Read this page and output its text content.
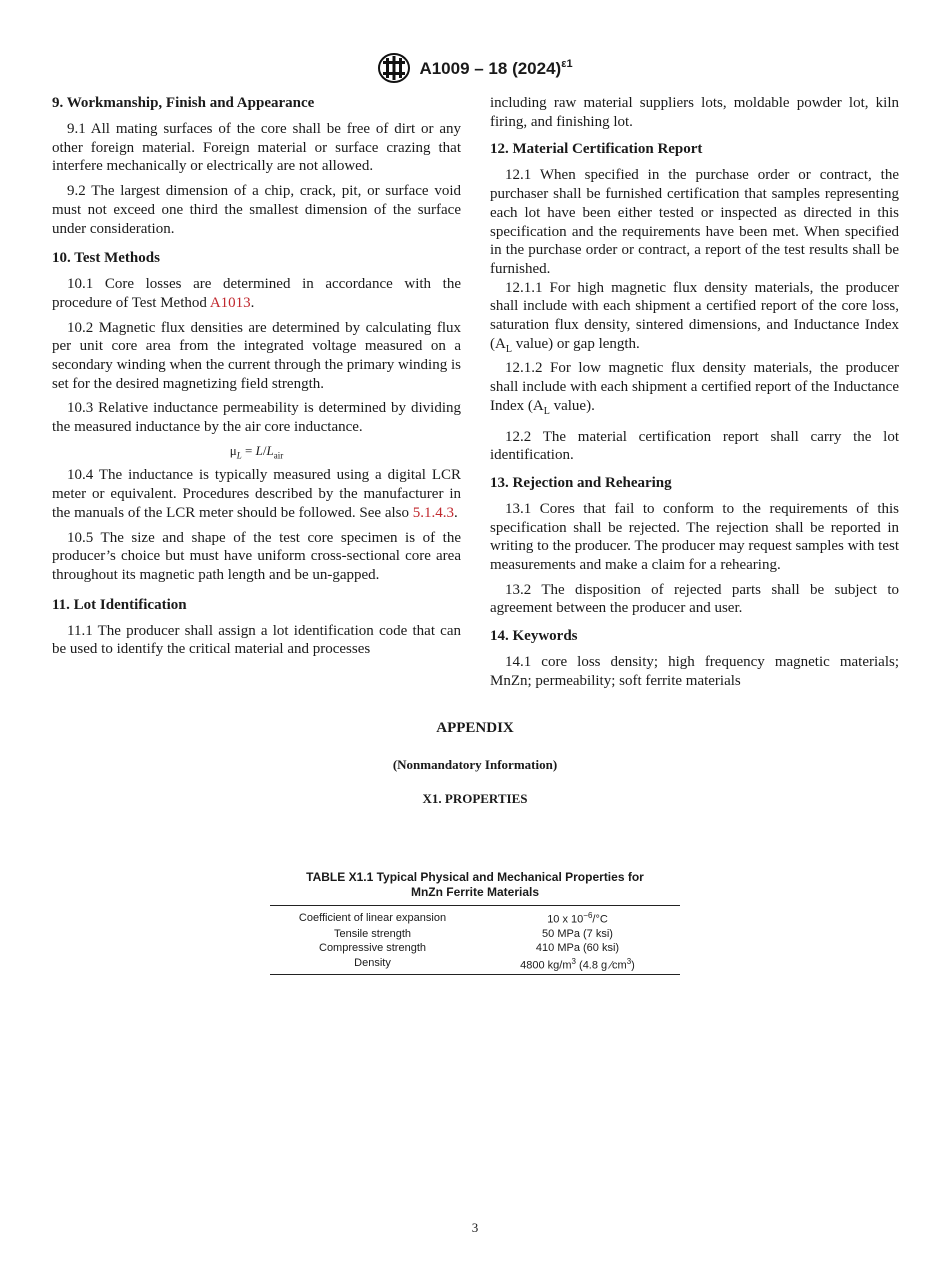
A1009 – 18 $(2024)^{\varepsilon 1}$
9. Workmanship, Finish and Appearance

9.1 All mating surfaces of the core shall be free of dirt or any other foreign material. Foreign material or surface crazing that interfere mechanically or electrically are not allowed.

9.2 The largest dimension of a chip, crack, pit, or surface void must not exceed one third the smallest dimension of the surface under consideration.

10. Test Methods

10.1 Core losses are determined in accordance with the procedure of Test Method A1013.

10.2 Magnetic flux densities are determined by calculating flux per unit core area from the integrated voltage measured on a secondary winding when the current through the primary winding is set for the desired magnetizing field strength.

10.3 Relative inductance permeability is determined by dividing the measured inductance by the air core inductance.

$\mu_L = L/L_{air}$

10.4 The inductance is typically measured using a digital LCR meter or equivalent. Procedures described by the manufacturer in the manuals of the LCR meter should be followed. See also 5.1.4.3.

10.5 The size and shape of the test core specimen is of the producer’s choice but must have uniform cross-sectional core area throughout its magnetic path length and be un-gapped.

11. Lot Identification

11.1 The producer shall assign a lot identification code that can be used to identify the critical material and processes

including raw material suppliers lots, moldable powder lot, kiln firing, and finishing lot.

12. Material Certification Report

12.1 When specified in the purchase order or contract, the purchaser shall be furnished certification that samples representing each lot have been either tested or inspected as directed in this specification and the requirements have been met. When specified in the purchase order or contract, a report of the test results shall be furnished.

12.1.1 For high magnetic flux density materials, the producer shall include with each shipment a certified report of the core loss, saturation flux density, sintered dimensions, and Inductance Index ($A_L$ value) or gap length.

12.1.2 For low magnetic flux density materials, the producer shall include with each shipment a certified report of the Inductance Index ($A_L$ value).

12.2 The material certification report shall carry the lot identification.

13. Rejection and Rehearing

13.1 Cores that fail to conform to the requirements of this specification shall be rejected. The rejection shall be reported in writing to the producer. The producer may request samples with test measurements and make a claim for a rehearing.

13.2 The disposition of rejected parts shall be subject to agreement between the producer and user.

14. Keywords

14.1 core loss density; high frequency magnetic materials; MnZn; permeability; soft ferrite materials

APPENDIX
(Nonmandatory Information)
X1. PROPERTIES
TABLE X1.1 Typical Physical and Mechanical Properties for
MnZn Ferrite Materials
Coefficient of linear expansion	10 x $10^{-6}/^\circ C$
Tensile strength	50 MPa (7 ksi)
Compressive strength	410 MPa (60 ksi)
Density	4800 $kg/m^3$ (4.8 g $⁄cm^3$)
3
